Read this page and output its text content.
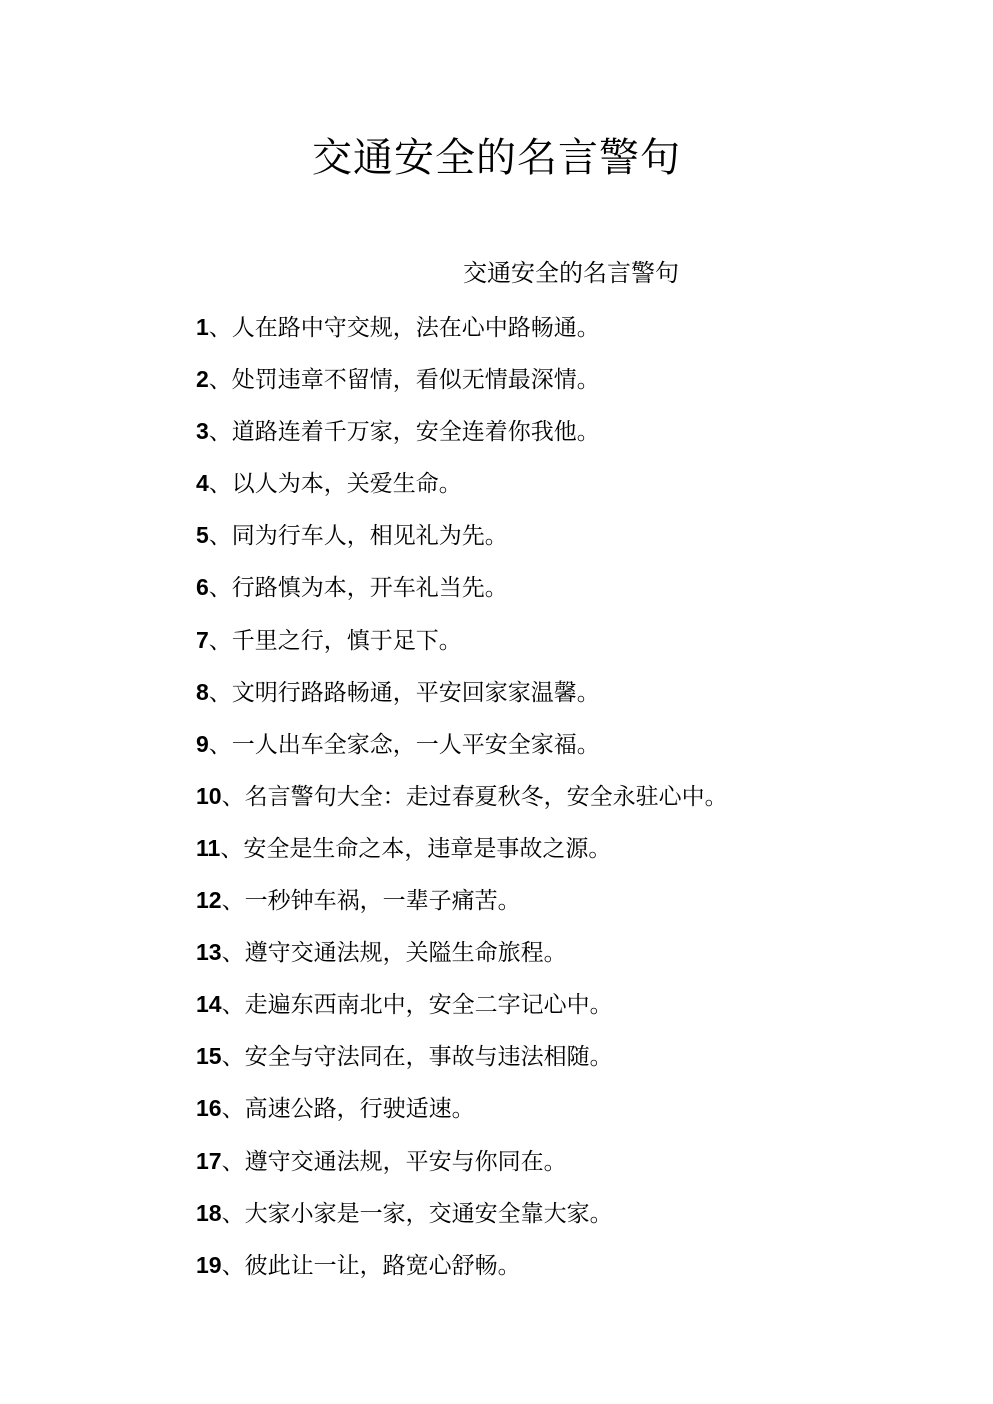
交通安全的名言警句
交通安全的名言警句
1、人在路中守交规，法在心中路畅通。
2、处罚违章不留情，看似无情最深情。
3、道路连着千万家，安全连着你我他。
4、以人为本，关爱生命。
5、同为行车人，相见礼为先。
6、行路慎为本，开车礼当先。
7、千里之行，慎于足下。
8、文明行路路畅通，平安回家家温馨。
9、一人出车全家念，一人平安全家福。
10、名言警句大全：走过春夏秋冬，安全永驻心中。
11、安全是生命之本，违章是事故之源。
12、一秒钟车祸，一辈子痛苦。
13、遵守交通法规，关隘生命旅程。
14、走遍东西南北中，安全二字记心中。
15、安全与守法同在，事故与违法相随。
16、高速公路，行驶适速。
17、遵守交通法规，平安与你同在。
18、大家小家是一家，交通安全靠大家。
19、彼此让一让，路宽心舒畅。
